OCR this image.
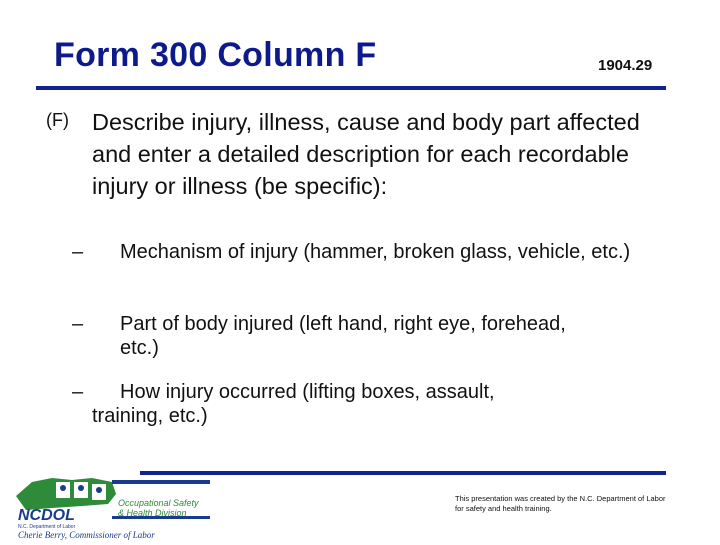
Form 300 Column F	1904.29
(F) Describe injury, illness, cause and body part affected and enter a detailed description for each recordable injury or illness (be specific):
–	Mechanism of injury (hammer, broken glass, vehicle, etc.)
–	Part of body injured (left hand, right eye, forehead, etc.)
–	How injury occurred (lifting boxes, assault, training, etc.)
NCDOL
N.C. Department of Labor
Occupational Safety
& Health Division
Cherie Berry, Commissioner of Labor
This presentation was created by the N.C. Department of Labor for safety and health training.
